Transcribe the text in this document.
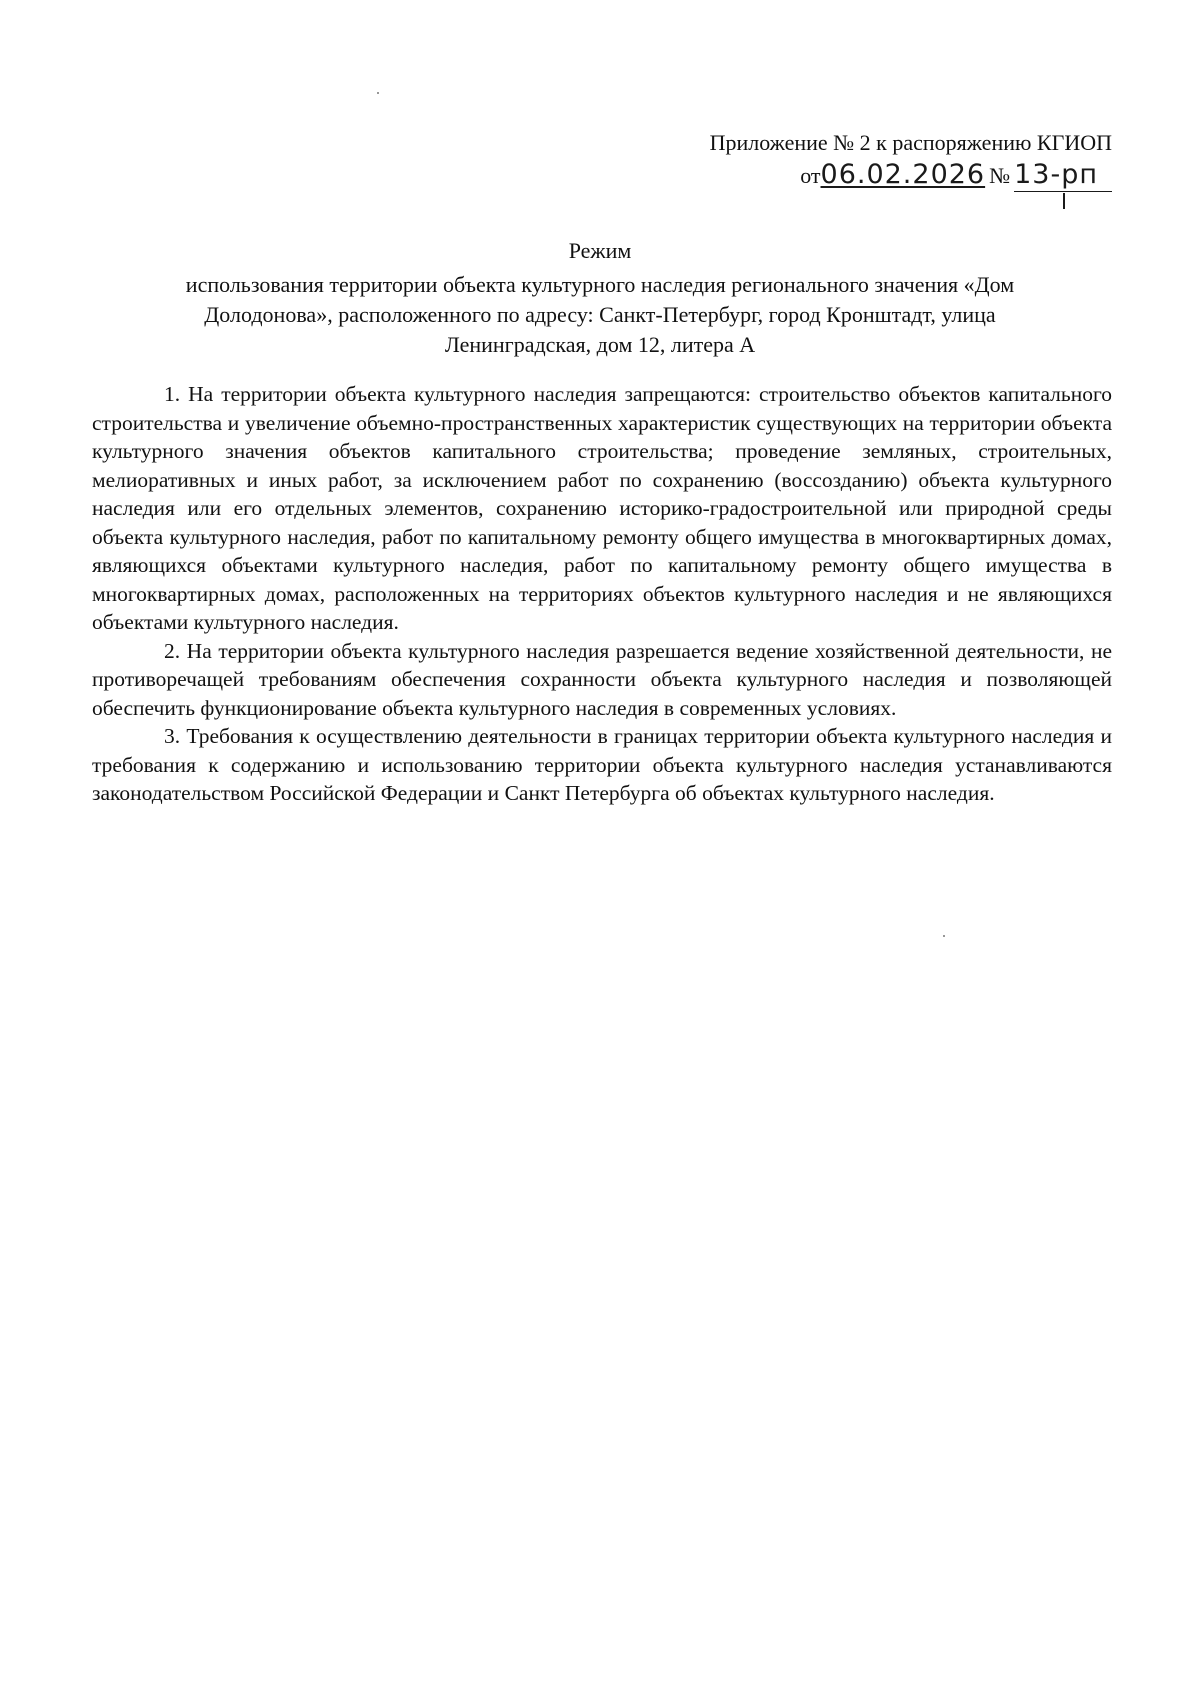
Приложение № 2 к распоряжению КГИОП
от 06.02.2026 № 13-рп
Режим
использования территории объекта культурного наследия регионального значения «Дом Долодонова», расположенного по адресу: Санкт-Петербург, город Кронштадт, улица Ленинградская, дом 12, литера А

1. На территории объекта культурного наследия запрещаются: строительство объектов капитального строительства и увеличение объемно-пространственных характеристик существующих на территории объекта культурного значения объектов капитального строительства; проведение земляных, строительных, мелиоративных и иных работ, за исключением работ по сохранению (воссозданию) объекта культурного наследия или его отдельных элементов, сохранению историко-градостроительной или природной среды объекта культурного наследия, работ по капитальному ремонту общего имущества в многоквартирных домах, являющихся объектами культурного наследия, работ по капитальному ремонту общего имущества в многоквартирных домах, расположенных на территориях объектов культурного наследия и не являющихся объектами культурного наследия.

2. На территории объекта культурного наследия разрешается ведение хозяйственной деятельности, не противоречащей требованиям обеспечения сохранности объекта культурного наследия и позволяющей обеспечить функционирование объекта культурного наследия в современных условиях.

3. Требования к осуществлению деятельности в границах территории объекта культурного наследия и требования к содержанию и использованию территории объекта культурного наследия устанавливаются законодательством Российской Федерации и Санкт Петербурга об объектах культурного наследия.
